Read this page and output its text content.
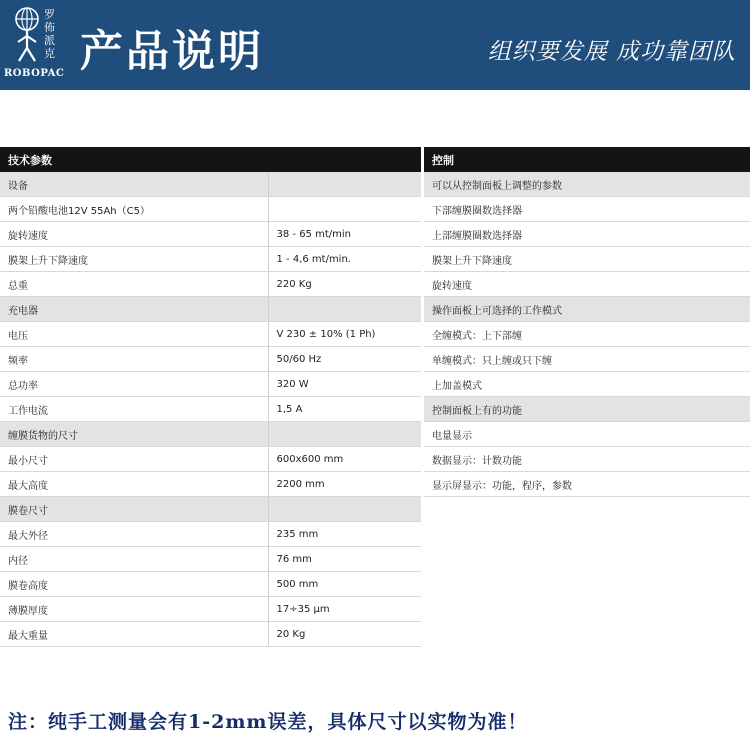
罗佈派克
ROBOPAC 产品说明	组织要发展 成功靠团队
技术参数	
设备	
两个铅酸电池12V 55Ah（C5）	
旋转速度	38 - 65 mt/min
膜架上升下降速度	1 - 4,6 mt/min.
总重	220 Kg
充电器	
电压	V 230 ± 10% (1 Ph)
频率	50/60 Hz
总功率	320 W
工作电流	1,5 A
缠膜货物的尺寸	
最小尺寸	600x600 mm
最大高度	2200 mm
膜卷尺寸	
最大外径	235 mm
内径	76 mm
膜卷高度	500 mm
薄膜厚度	17÷35 μm
最大重量	20 Kg
控制
可以从控制面板上调整的参数
下部缠膜圈数选择器
上部缠膜圈数选择器
膜架上升下降速度
旋转速度
操作面板上可选择的工作模式
全缠模式：上下部缠
单缠模式：只上缠或只下缠
上加盖模式
控制面板上有的功能
电量显示
数据显示：计数功能
显示屏显示：功能，程序，参数
注：纯手工测量会有1-2mm误差，具体尺寸以实物为准！
